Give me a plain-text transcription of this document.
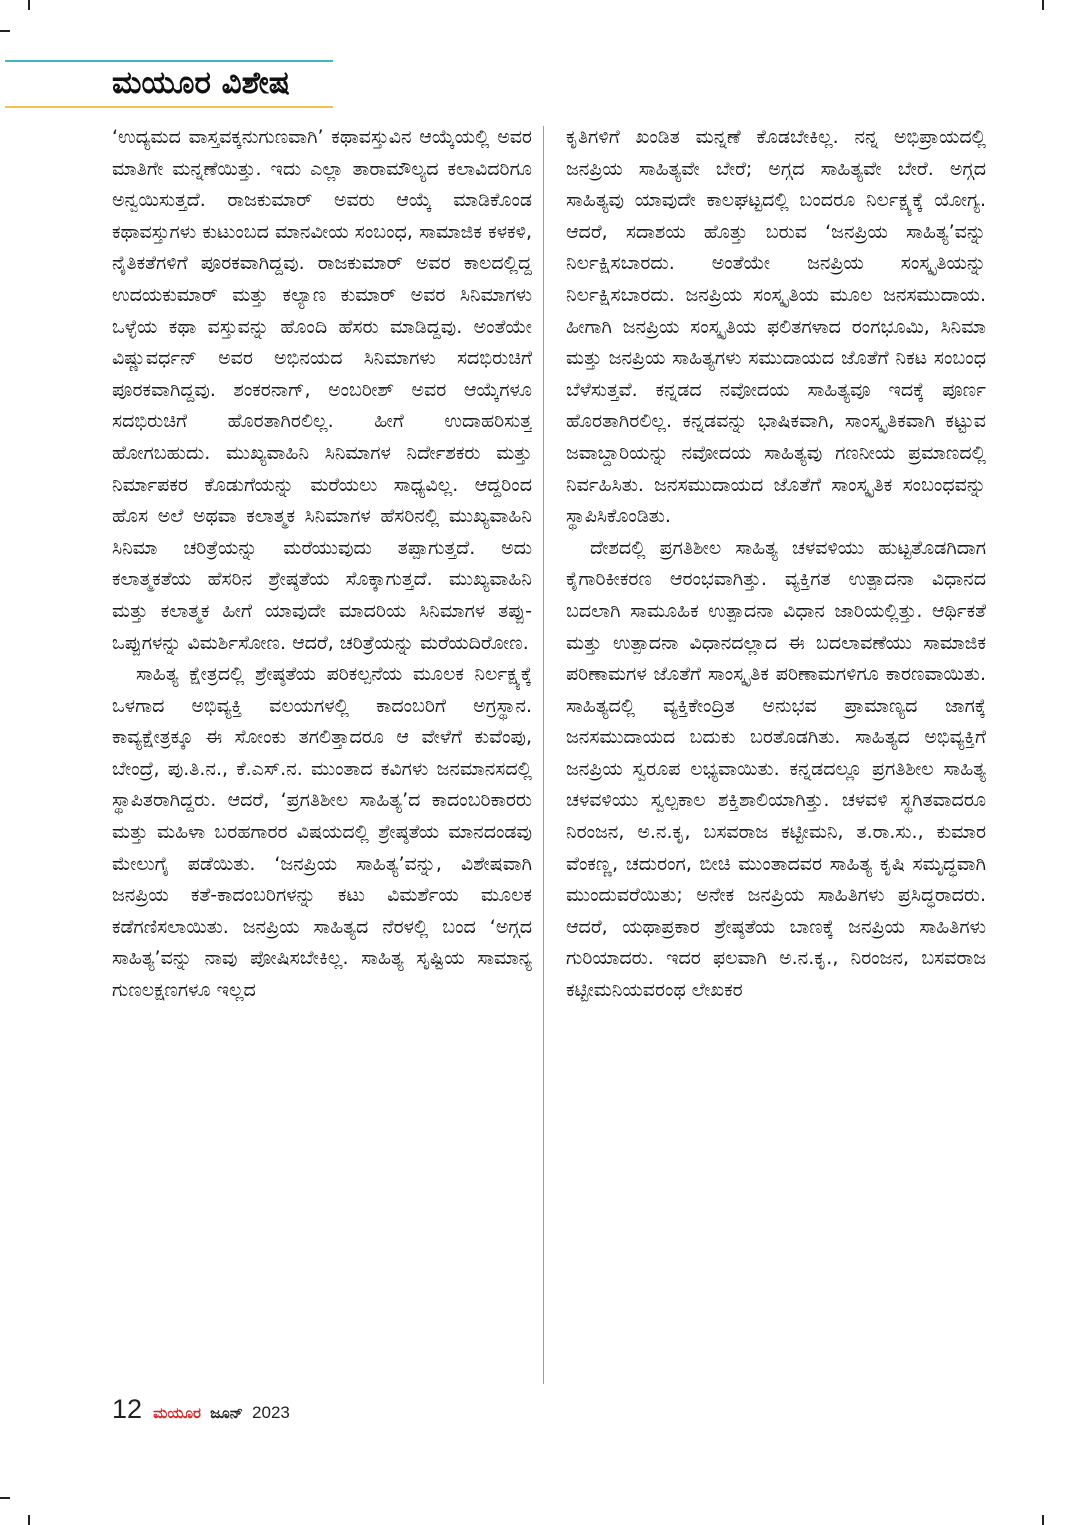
ಮಯೂರ ವಿಶೇಷ

‘ಉದ್ಯಮದ ವಾಸ್ತವಕ್ಕನುಗುಣವಾಗಿ’ ಕಥಾವಸ್ತುವಿನ ಆಯ್ಕೆಯಲ್ಲಿ ಅವರ ಮಾತಿಗೇ ಮನ್ನಣೆಯಿತ್ತು. ಇದು ಎಲ್ಲಾ ತಾರಾಮೌಲ್ಯದ ಕಲಾವಿದರಿಗೂ ಅನ್ವಯಿಸುತ್ತದೆ. ರಾಜಕುಮಾರ್ ಅವರು ಆಯ್ಕೆ ಮಾಡಿಕೊಂಡ ಕಥಾವಸ್ತುಗಳು ಕುಟುಂಬದ ಮಾನವೀಯ ಸಂಬಂಧ, ಸಾಮಾಜಿಕ ಕಳಕಳಿ, ನೈತಿಕತೆಗಳಿಗೆ ಪೂರಕವಾಗಿದ್ದವು. ರಾಜಕುಮಾರ್ ಅವರ ಕಾಲದಲ್ಲಿದ್ದ ಉದಯಕುಮಾರ್ ಮತ್ತು ಕಲ್ಯಾಣ ಕುಮಾರ್ ಅವರ ಸಿನಿಮಾಗಳು ಒಳ್ಳೆಯ ಕಥಾ ವಸ್ತುವನ್ನು ಹೊಂದಿ ಹೆಸರು ಮಾಡಿದ್ದವು. ಅಂತೆಯೇ ವಿಷ್ಣುವರ್ಧನ್ ಅವರ ಅಭಿನಯದ ಸಿನಿಮಾಗಳು ಸದಭಿರುಚಿಗೆ ಪೂರಕವಾಗಿದ್ದವು. ಶಂಕರನಾಗ್, ಅಂಬರೀಶ್ ಅವರ ಆಯ್ಕೆಗಳೂ ಸದಭಿರುಚಿಗೆ ಹೊರತಾಗಿರಲಿಲ್ಲ. ಹೀಗೆ ಉದಾಹರಿಸುತ್ತ ಹೋಗಬಹುದು. ಮುಖ್ಯವಾಹಿನಿ ಸಿನಿಮಾಗಳ ನಿರ್ದೇಶಕರು ಮತ್ತು ನಿರ್ಮಾಪಕರ ಕೊಡುಗೆಯನ್ನು ಮರೆಯಲು ಸಾಧ್ಯವಿಲ್ಲ. ಆದ್ದರಿಂದ ಹೊಸ ಅಲೆ ಅಥವಾ ಕಲಾತ್ಮಕ ಸಿನಿಮಾಗಳ ಹೆಸರಿನಲ್ಲಿ ಮುಖ್ಯವಾಹಿನಿ ಸಿನಿಮಾ ಚರಿತ್ರೆಯನ್ನು ಮರೆಯುವುದು ತಪ್ಪಾಗುತ್ತದೆ. ಅದು ಕಲಾತ್ಮಕತೆಯ ಹೆಸರಿನ ಶ್ರೇಷ್ಠತೆಯ ಸೊಕ್ಕಾಗುತ್ತದೆ. ಮುಖ್ಯವಾಹಿನಿ ಮತ್ತು ಕಲಾತ್ಮಕ ಹೀಗೆ ಯಾವುದೇ ಮಾದರಿಯ ಸಿನಿಮಾಗಳ ತಪ್ಪು-ಒಪ್ಪುಗಳನ್ನು ವಿಮರ್ಶಿಸೋಣ. ಆದರೆ, ಚರಿತ್ರೆಯನ್ನು ಮರೆಯದಿರೋಣ.

ಸಾಹಿತ್ಯ ಕ್ಷೇತ್ರದಲ್ಲಿ ಶ್ರೇಷ್ಠತೆಯ ಪರಿಕಲ್ಪನೆಯ ಮೂಲಕ ನಿರ್ಲಕ್ಷ್ಯಕ್ಕೆ ಒಳಗಾದ ಅಭಿವ್ಯಕ್ತಿ ವಲಯಗಳಲ್ಲಿ ಕಾದಂಬರಿಗೆ ಅಗ್ರಸ್ಥಾನ. ಕಾವ್ಯಕ್ಷೇತ್ರಕ್ಕೂ ಈ ಸೋಂಕು ತಗಲಿತ್ತಾದರೂ ಆ ವೇಳೆಗೆ ಕುವೆಂಪು, ಬೇಂದ್ರೆ, ಪು.ತಿ.ನ., ಕೆ.ಎಸ್.ನ. ಮುಂತಾದ ಕವಿಗಳು ಜನಮಾನಸದಲ್ಲಿ ಸ್ಥಾಪಿತರಾಗಿದ್ದರು. ಆದರೆ, ‘ಪ್ರಗತಿಶೀಲ ಸಾಹಿತ್ಯ’ದ ಕಾದಂಬರಿಕಾರರು ಮತ್ತು ಮಹಿಳಾ ಬರಹಗಾರರ ವಿಷಯದಲ್ಲಿ ಶ್ರೇಷ್ಠತೆಯ ಮಾನದಂಡವು ಮೇಲುಗೈ ಪಡೆಯಿತು. ‘ಜನಪ್ರಿಯ ಸಾಹಿತ್ಯ’ವನ್ನು, ವಿಶೇಷವಾಗಿ ಜನಪ್ರಿಯ ಕತೆ-ಕಾದಂಬರಿಗಳನ್ನು ಕಟು ವಿಮರ್ಶೆಯ ಮೂಲಕ ಕಡೆಗಣಿಸಲಾಯಿತು. ಜನಪ್ರಿಯ ಸಾಹಿತ್ಯದ ನೆರಳಲ್ಲಿ ಬಂದ ‘ಅಗ್ಗದ ಸಾಹಿತ್ಯ’ವನ್ನು ನಾವು ಪೋಷಿಸಬೇಕಿಲ್ಲ. ಸಾಹಿತ್ಯ ಸೃಷ್ಟಿಯ ಸಾಮಾನ್ಯ ಗುಣಲಕ್ಷಣಗಳೂ ಇಲ್ಲದ

ಕೃತಿಗಳಿಗೆ ಖಂಡಿತ ಮನ್ನಣೆ ಕೊಡಬೇಕಿಲ್ಲ. ನನ್ನ ಅಭಿಪ್ರಾಯದಲ್ಲಿ ಜನಪ್ರಿಯ ಸಾಹಿತ್ಯವೇ ಬೇರೆ; ಅಗ್ಗದ ಸಾಹಿತ್ಯವೇ ಬೇರೆ. ಅಗ್ಗದ ಸಾಹಿತ್ಯವು ಯಾವುದೇ ಕಾಲಘಟ್ಟದಲ್ಲಿ ಬಂದರೂ ನಿರ್ಲಕ್ಷ್ಯಕ್ಕೆ ಯೋಗ್ಯ. ಆದರೆ, ಸದಾಶಯ ಹೊತ್ತು ಬರುವ ‘ಜನಪ್ರಿಯ ಸಾಹಿತ್ಯ’ವನ್ನು ನಿರ್ಲಕ್ಷಿಸಬಾರದು. ಅಂತೆಯೇ ಜನಪ್ರಿಯ ಸಂಸ್ಕೃತಿಯನ್ನು ನಿರ್ಲಕ್ಷಿಸಬಾರದು. ಜನಪ್ರಿಯ ಸಂಸ್ಕೃತಿಯ ಮೂಲ ಜನಸಮುದಾಯ. ಹೀಗಾಗಿ ಜನಪ್ರಿಯ ಸಂಸ್ಕೃತಿಯ ಫಲಿತಗಳಾದ ರಂಗಭೂಮಿ, ಸಿನಿಮಾ ಮತ್ತು ಜನಪ್ರಿಯ ಸಾಹಿತ್ಯಗಳು ಸಮುದಾಯದ ಜೊತೆಗೆ ನಿಕಟ ಸಂಬಂಧ ಬೆಳೆಸುತ್ತವೆ. ಕನ್ನಡದ ನವೋದಯ ಸಾಹಿತ್ಯವೂ ಇದಕ್ಕೆ ಪೂರ್ಣ ಹೊರತಾಗಿರಲಿಲ್ಲ. ಕನ್ನಡವನ್ನು ಭಾಷಿಕವಾಗಿ, ಸಾಂಸ್ಕೃತಿಕವಾಗಿ ಕಟ್ಟುವ ಜವಾಬ್ದಾರಿಯನ್ನು ನವೋದಯ ಸಾಹಿತ್ಯವು ಗಣನೀಯ ಪ್ರಮಾಣದಲ್ಲಿ ನಿರ್ವಹಿಸಿತು. ಜನಸಮುದಾಯದ ಜೊತೆಗೆ ಸಾಂಸ್ಕೃತಿಕ ಸಂಬಂಧವನ್ನು ಸ್ಥಾಪಿಸಿಕೊಂಡಿತು.

ದೇಶದಲ್ಲಿ ಪ್ರಗತಿಶೀಲ ಸಾಹಿತ್ಯ ಚಳವಳಿಯು ಹುಟ್ಟತೊಡಗಿದಾಗ ಕೈಗಾರಿಕೀಕರಣ ಆರಂಭವಾಗಿತ್ತು. ವ್ಯಕ್ತಿಗತ ಉತ್ಪಾದನಾ ವಿಧಾನದ ಬದಲಾಗಿ ಸಾಮೂಹಿಕ ಉತ್ಪಾದನಾ ವಿಧಾನ ಜಾರಿಯಲ್ಲಿತ್ತು. ಆರ್ಥಿಕತೆ ಮತ್ತು ಉತ್ಪಾದನಾ ವಿಧಾನದಲ್ಲಾದ ಈ ಬದಲಾವಣೆಯು ಸಾಮಾಜಿಕ ಪರಿಣಾಮಗಳ ಜೊತೆಗೆ ಸಾಂಸ್ಕೃತಿಕ ಪರಿಣಾಮಗಳಿಗೂ ಕಾರಣವಾಯಿತು. ಸಾಹಿತ್ಯದಲ್ಲಿ ವ್ಯಕ್ತಿಕೇಂದ್ರಿತ ಅನುಭವ ಪ್ರಾಮಾಣ್ಯದ ಜಾಗಕ್ಕೆ ಜನಸಮುದಾಯದ ಬದುಕು ಬರತೊಡಗಿತು. ಸಾಹಿತ್ಯದ ಅಭಿವ್ಯಕ್ತಿಗೆ ಜನಪ್ರಿಯ ಸ್ವರೂಪ ಲಭ್ಯವಾಯಿತು. ಕನ್ನಡದಲ್ಲೂ ಪ್ರಗತಿಶೀಲ ಸಾಹಿತ್ಯ ಚಳವಳಿಯು ಸ್ವಲ್ಪಕಾಲ ಶಕ್ತಿಶಾಲಿಯಾಗಿತ್ತು. ಚಳವಳಿ ಸ್ಥಗಿತವಾದರೂ ನಿರಂಜನ, ಅ.ನ.ಕೃ, ಬಸವರಾಜ ಕಟ್ಟೀಮನಿ, ತ.ರಾ.ಸು., ಕುಮಾರ ವೆಂಕಣ್ಣ, ಚದುರಂಗ, ಬೀಚಿ ಮುಂತಾದವರ ಸಾಹಿತ್ಯ ಕೃಷಿ ಸಮೃದ್ಧವಾಗಿ ಮುಂದುವರೆಯಿತು; ಅನೇಕ ಜನಪ್ರಿಯ ಸಾಹಿತಿಗಳು ಪ್ರಸಿದ್ಧರಾದರು. ಆದರೆ, ಯಥಾಪ್ರಕಾರ ಶ್ರೇಷ್ಠತೆಯ ಬಾಣಕ್ಕೆ ಜನಪ್ರಿಯ ಸಾಹಿತಿಗಳು ಗುರಿಯಾದರು. ಇದರ ಫಲವಾಗಿ ಅ.ನ.ಕೃ., ನಿರಂಜನ, ಬಸವರಾಜ ಕಟ್ಟೀಮನಿಯವರಂಥ ಲೇಖಕರ

12 ಮಯೂರ ಜೂನ್ 2023
